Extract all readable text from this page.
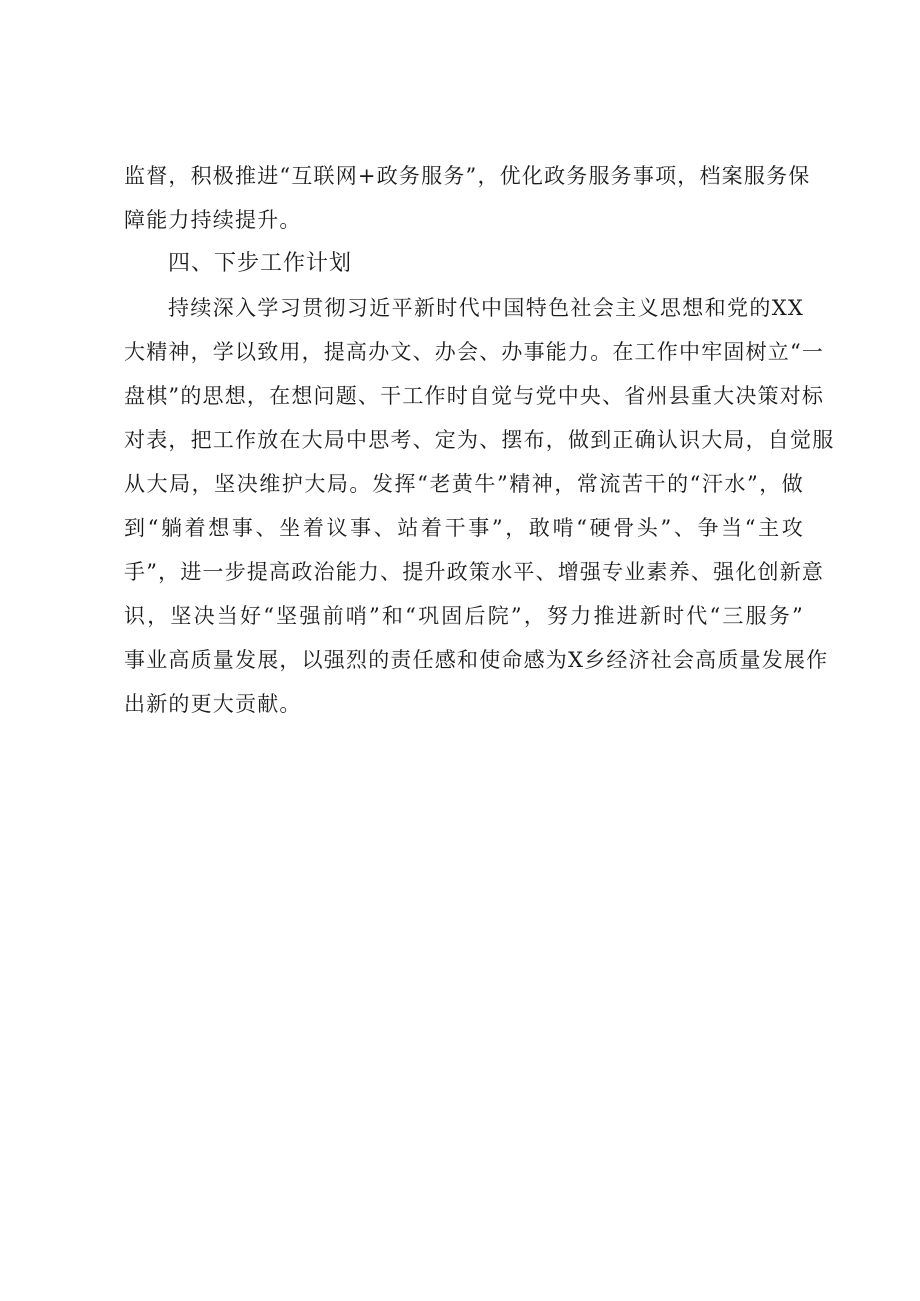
监督，积极推进“互联网+政务服务”，优化政务服务事项，档案服务保
障能力持续提升。
四、下步工作计划
持续深入学习贯彻习近平新时代中国特色社会主义思想和党的XX
大精神，学以致用，提高办文、办会、办事能力。在工作中牢固树立“一
盘棋”的思想，在想问题、干工作时自觉与党中央、省州县重大决策对标
对表，把工作放在大局中思考、定为、摆布，做到正确认识大局，自觉服
从大局，坚决维护大局。发挥“老黄牛”精神，常流苦干的“汗水”，做
到“躺着想事、坐着议事、站着干事”，敢啃“硬骨头”、争当“主攻
手”，进一步提高政治能力、提升政策水平、增强专业素养、强化创新意
识，坚决当好“坚强前哨”和“巩固后院”，努力推进新时代“三服务”
事业高质量发展，以强烈的责任感和使命感为X乡经济社会高质量发展作
出新的更大贡献。
